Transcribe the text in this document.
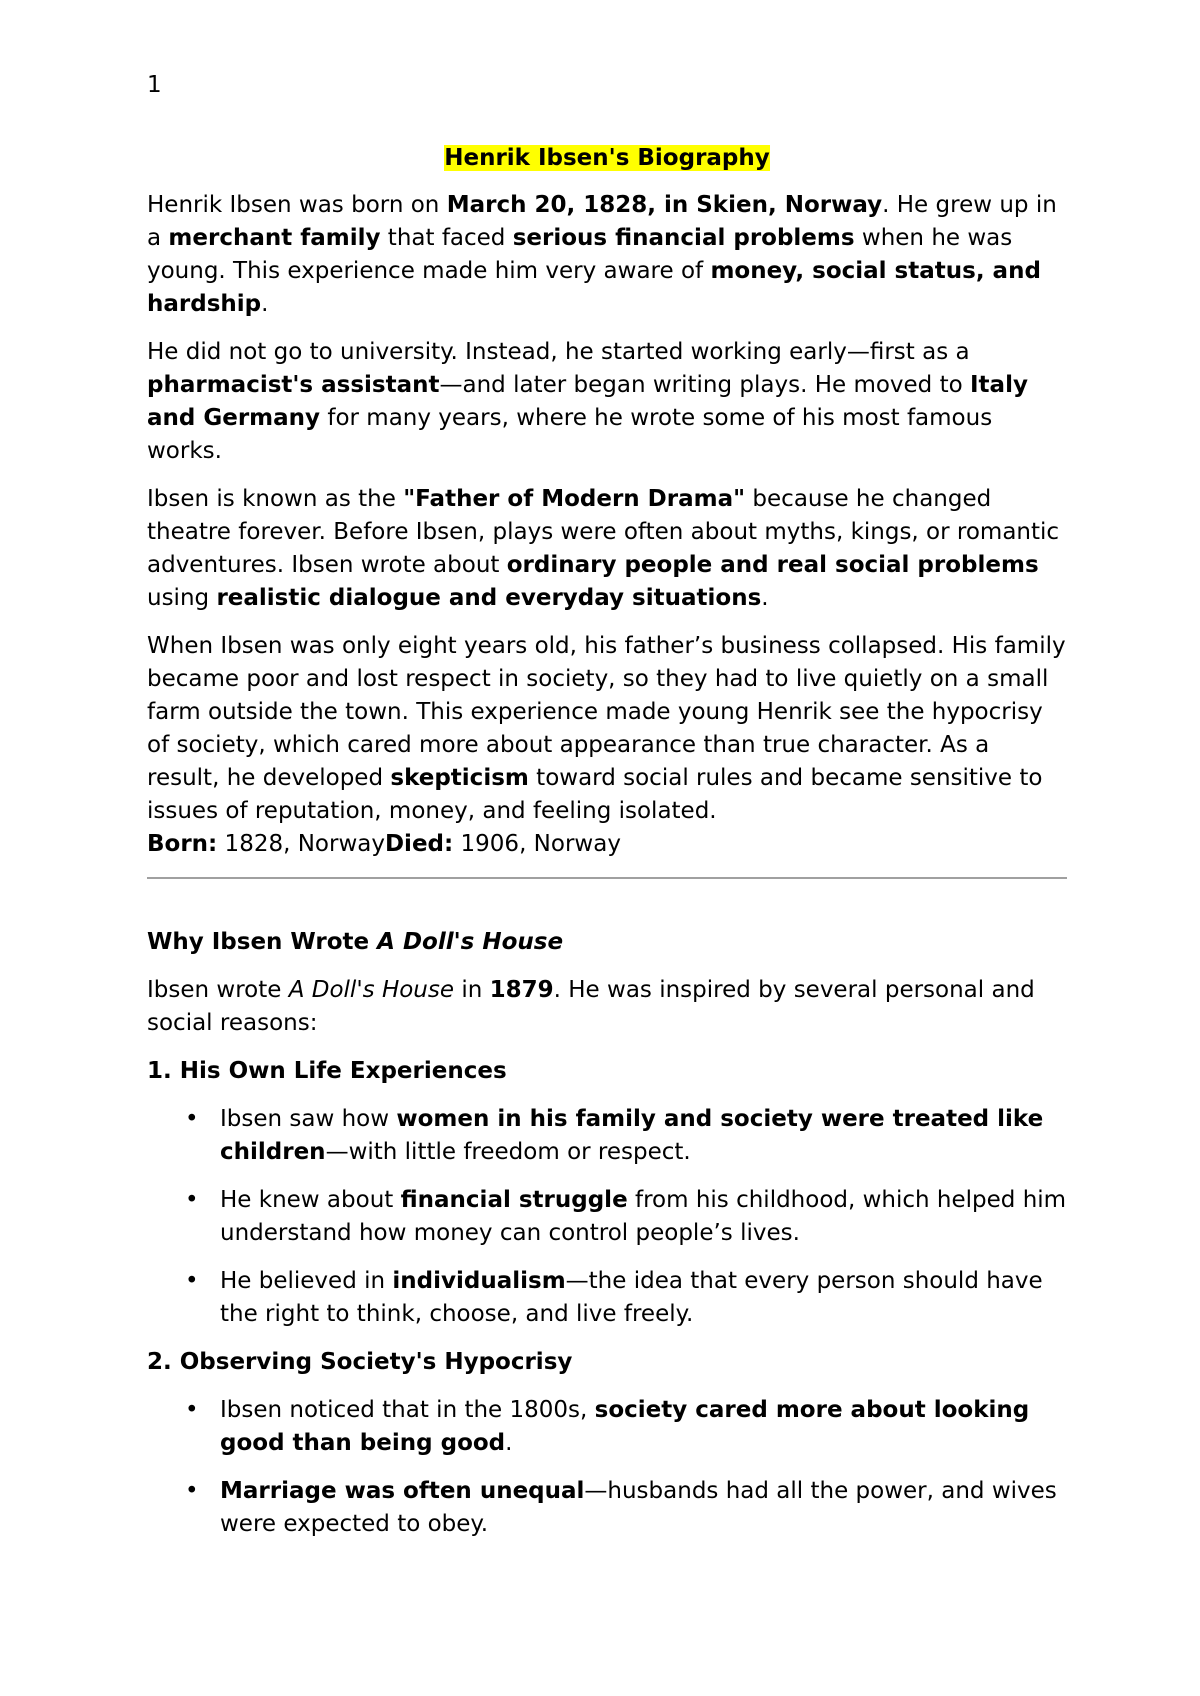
1
Henrik Ibsen's Biography

Henrik Ibsen was born on March 20, 1828, in Skien, Norway. He grew up in a merchant family that faced serious financial problems when he was young. This experience made him very aware of money, social status, and hardship.

He did not go to university. Instead, he started working early—first as a pharmacist's assistant—and later began writing plays. He moved to Italy and Germany for many years, where he wrote some of his most famous works.

Ibsen is known as the "Father of Modern Drama" because he changed theatre forever. Before Ibsen, plays were often about myths, kings, or romantic adventures. Ibsen wrote about ordinary people and real social problems using realistic dialogue and everyday situations.

When Ibsen was only eight years old, his father’s business collapsed. His family became poor and lost respect in society, so they had to live quietly on a small farm outside the town. This experience made young Henrik see the hypocrisy of society, which cared more about appearance than true character. As a result, he developed skepticism toward social rules and became sensitive to issues of reputation, money, and feeling isolated.

Born: 1828, NorwayDied: 1906, Norway

Why Ibsen Wrote A Doll's House

Ibsen wrote A Doll's House in 1879. He was inspired by several personal and social reasons:

1. His Own Life Experiences
• Ibsen saw how women in his family and society were treated like children—with little freedom or respect.
• He knew about financial struggle from his childhood, which helped him understand how money can control people’s lives.
• He believed in individualism—the idea that every person should have the right to think, choose, and live freely.
2. Observing Society's Hypocrisy
• Ibsen noticed that in the 1800s, society cared more about looking good than being good.
• Marriage was often unequal—husbands had all the power, and wives were expected to obey.
